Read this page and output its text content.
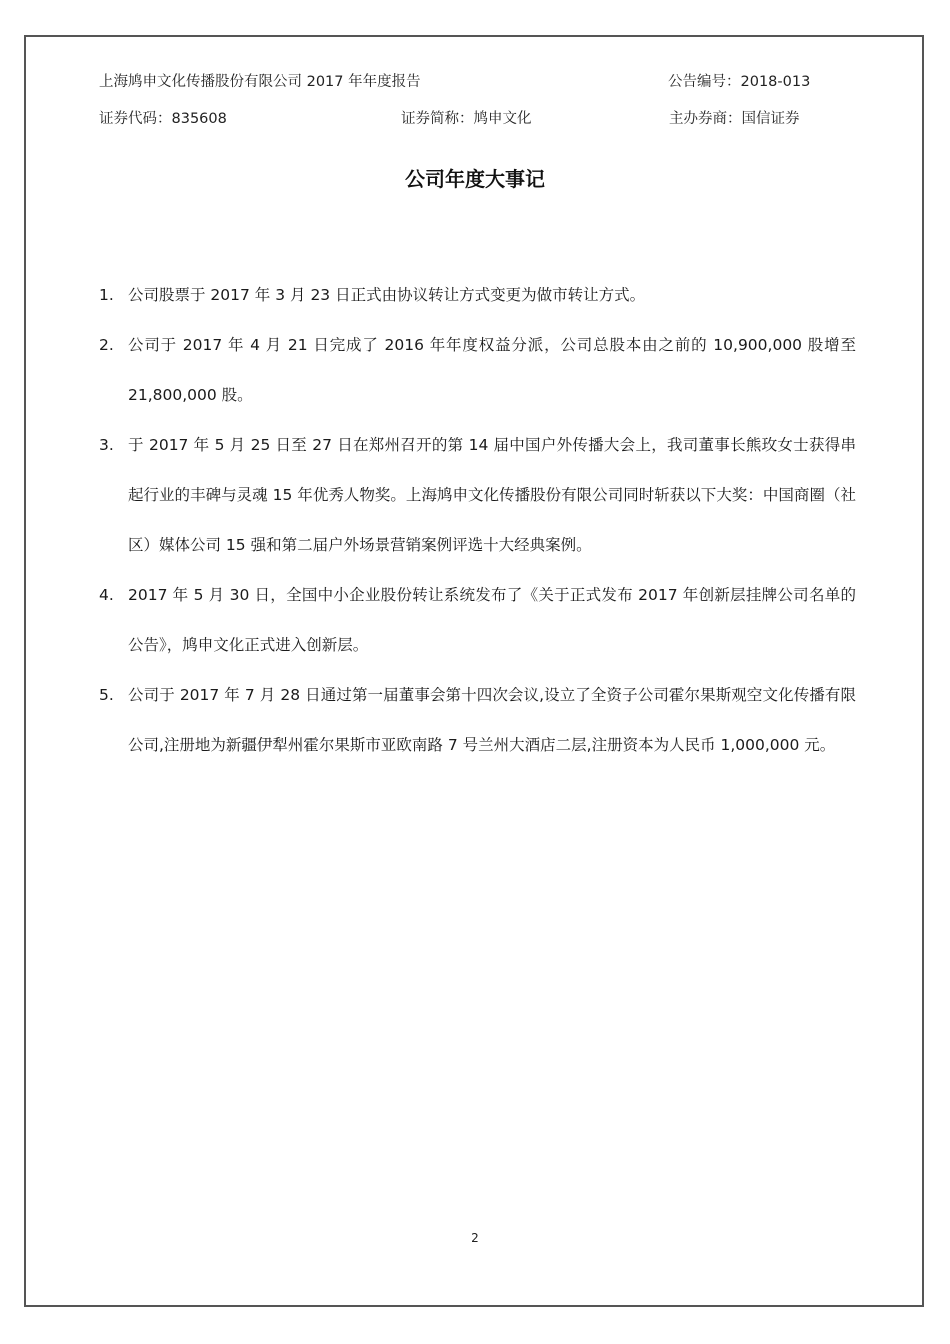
上海鸠申文化传播股份有限公司 2017 年年度报告	公告编号：2018-013
证券代码：835608	证券简称：鸠申文化	主办券商：国信证券
公司年度大事记
1. 公司股票于 2017 年 3 月 23 日正式由协议转让方式变更为做市转让方式。
2. 公司于 2017 年 4 月 21 日完成了 2016 年年度权益分派，公司总股本由之前的 10,900,000 股增至 21,800,000 股。
3. 于 2017 年 5 月 25 日至 27 日在郑州召开的第 14 届中国户外传播大会上，我司董事长熊玫女士获得串起行业的丰碑与灵魂 15 年优秀人物奖。上海鸠申文化传播股份有限公司同时斩获以下大奖：中国商圈（社区）媒体公司 15 强和第二届户外场景营销案例评选十大经典案例。
4. 2017 年 5 月 30 日，全国中小企业股份转让系统发布了《关于正式发布 2017 年创新层挂牌公司名单的公告》，鸠申文化正式进入创新层。
5. 公司于 2017 年 7 月 28 日通过第一届董事会第十四次会议,设立了全资子公司霍尔果斯观空文化传播有限公司,注册地为新疆伊犁州霍尔果斯市亚欧南路 7 号兰州大酒店二层,注册资本为人民币 1,000,000 元。
2
